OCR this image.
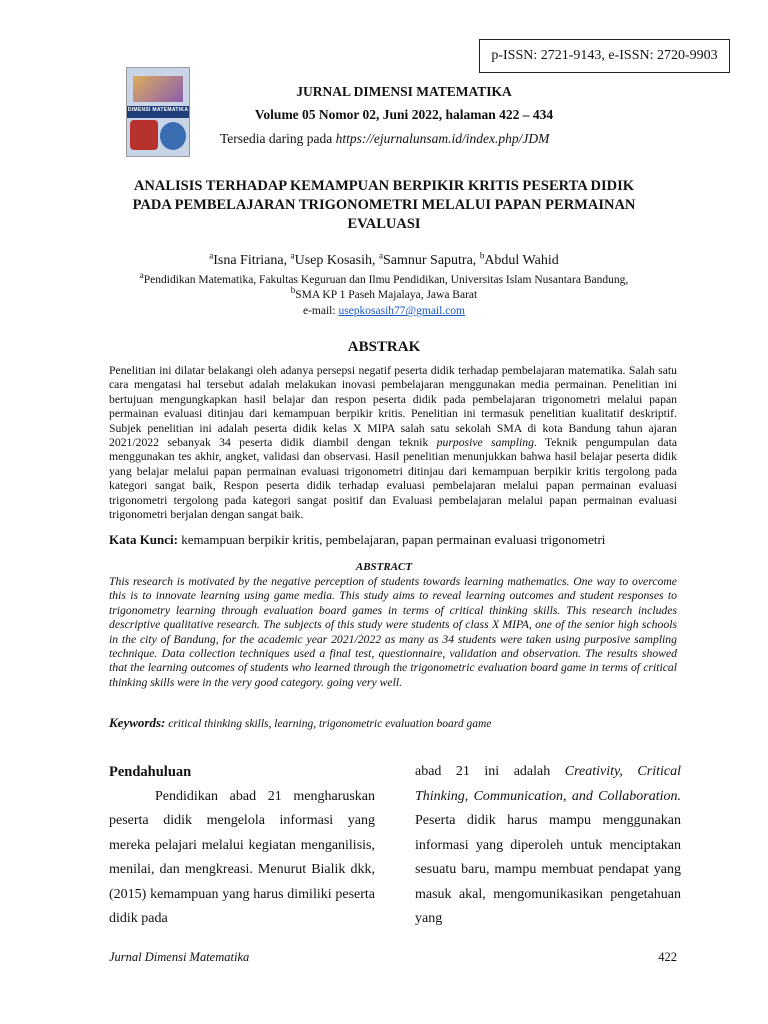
p-ISSN: 2721-9143, e-ISSN: 2720-9903
DIMENSI MATEMATIKA
JURNAL DIMENSI MATEMATIKA
Volume 05 Nomor 02, Juni 2022, halaman 422 – 434
Tersedia daring pada https://ejurnalunsam.id/index.php/JDM
ANALISIS TERHADAP KEMAMPUAN BERPIKIR KRITIS PESERTA DIDIK
PADA PEMBELAJARAN TRIGONOMETRI MELALUI PAPAN PERMAINAN
EVALUASI
$^a$Isna Fitriana, $^a$Usep Kosasih, $^a$Samnur Saputra, $^b$Abdul Wahid
$^a$Pendidikan Matematika, Fakultas Keguruan dan Ilmu Pendidikan, Universitas Islam Nusantara Bandung,
$^b$SMA KP 1 Paseh Majalaya, Jawa Barat
e-mail: usepkosasih77@gmail.com
ABSTRAK

Penelitian ini dilatar belakangi oleh adanya persepsi negatif peserta didik terhadap pembelajaran matematika. Salah satu cara mengatasi hal tersebut adalah melakukan inovasi pembelajaran menggunakan media permainan. Penelitian ini bertujuan mengungkapkan hasil belajar dan respon peserta didik pada pembelajaran trigonometri melalui papan permainan evaluasi ditinjau dari kemampuan berpikir kritis. Penelitian ini termasuk penelitian kualitatif deskriptif. Subjek penelitian ini adalah peserta didik kelas X MIPA salah satu sekolah SMA di kota Bandung tahun ajaran 2021/2022 sebanyak 34 peserta didik diambil dengan teknik purposive sampling. Teknik pengumpulan data menggunakan tes akhir, angket, validasi dan observasi. Hasil penelitian menunjukkan bahwa hasil belajar peserta didik yang belajar melalui papan permainan evaluasi trigonometri ditinjau dari kemampuan berpikir kritis tergolong pada kategori sangat baik, Respon peserta didik terhadap evaluasi pembelajaran melalui papan permainan evaluasi trigonometri tergolong pada kategori sangat positif dan Evaluasi pembelajaran melalui papan permainan evaluasi trigonometri berjalan dengan sangat baik.

Kata Kunci: kemampuan berpikir kritis, pembelajaran, papan permainan evaluasi trigonometri
ABSTRACT

This research is motivated by the negative perception of students towards learning mathematics. One way to overcome this is to innovate learning using game media. This study aims to reveal learning outcomes and student responses to trigonometry learning through evaluation board games in terms of critical thinking skills. This research includes descriptive qualitative research. The subjects of this study were students of class X MIPA, one of the senior high schools in the city of Bandung, for the academic year 2021/2022 as many as 34 students were taken using purposive sampling technique. Data collection techniques used a final test, questionnaire, validation and observation. The results showed that the learning outcomes of students who learned through the trigonometric evaluation board game in terms of critical thinking skills were in the very good category. going very well.

Keywords: critical thinking skills, learning, trigonometric evaluation board game

Pendahuluan

Pendidikan abad 21 mengharuskan peserta didik mengelola informasi yang mereka pelajari melalui kegiatan menganilisis, menilai, dan mengkreasi. Menurut Bialik dkk, (2015) kemampuan yang harus dimiliki peserta didik pada

abad 21 ini adalah Creativity, Critical Thinking, Communication, and Collaboration. Peserta didik harus mampu menggunakan informasi yang diperoleh untuk menciptakan sesuatu baru, mampu membuat pendapat yang masuk akal, mengomunikasikan pengetahuan yang

Jurnal Dimensi Matematika	422
